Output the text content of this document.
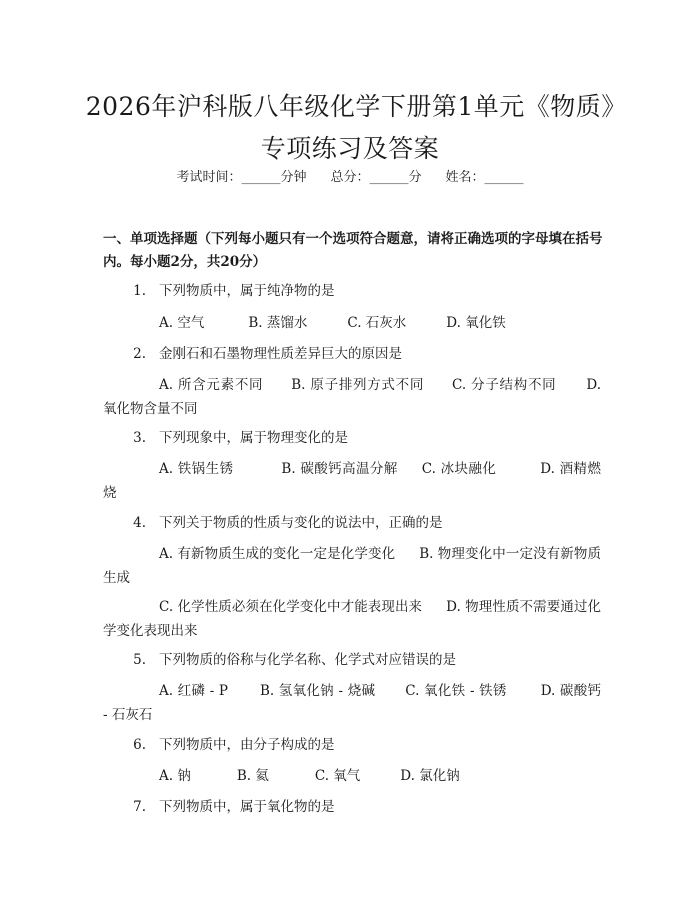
2026年沪科版八年级化学下册第1单元《物质》专项练习及答案
考试时间：______分钟 总分：______分 姓名：______

一、单项选择题（下列每小题只有一个选项符合题意，请将正确选项的字母填在括号内。每小题2分，共20分）

1. 下列物质中，属于纯净物的是
A. 空气	B. 蒸馏水	C. 石灰水	D. 氧化铁
2. 金刚石和石墨物理性质差异巨大的原因是
A. 所含元素不同 B. 原子排列方式不同 C. 分子结构不同 D. 氧化物含量不同
3. 下列现象中，属于物理变化的是
A. 铁锅生锈	B. 碳酸钙高温分解 C. 冰块融化	D. 酒精燃烧
4. 下列关于物质的性质与变化的说法中，正确的是
A. 有新物质生成的变化一定是化学变化 B. 物理变化中一定没有新物质生成
C. 化学性质必须在化学变化中才能表现出来 D. 物理性质不需要通过化学变化表现出来
5. 下列物质的俗称与化学名称、化学式对应错误的是
A. 红磷 - P B. 氢氧化钠 - 烧碱 C. 氧化铁 - 铁锈	D. 碳酸钙 - 石灰石
6. 下列物质中，由分子构成的是
A. 钠	B. 氦	C. 氧气	D. 氯化钠
7. 下列物质中，属于氧化物的是
